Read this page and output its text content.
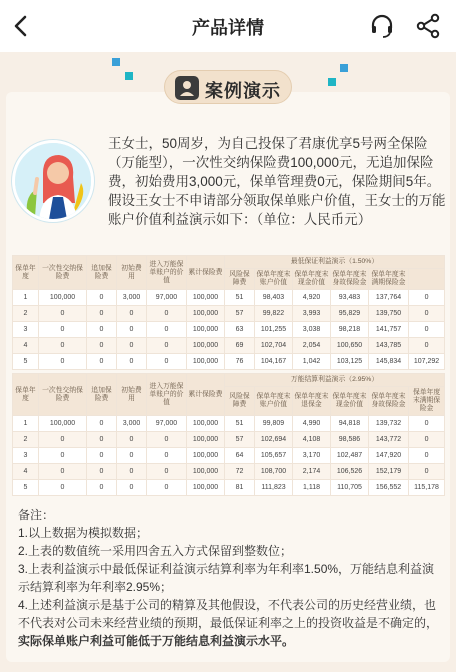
产品详情
案例演示

王女士，50周岁，为自己投保了君康优享5号两全保险（万能型），一次性交纳保险费100,000元，无追加保险费，初始费用3,000元，保单管理费0元，保险期间5年。假设王女士不申请部分领取保单账户价值，王女士的万能账户价值利益演示如下：（单位：人民币元）

保单年度	一次性交纳保险费	追加保险费	初始费用	进入万能保单账户的价值	累计保险费	最低保证利益演示（1.50%）					
						风险保障费	保单年度末账户价值	保单年度末现金价值	保单年度末身故保险金	保单年度末满期保险金	
1	100,000	0	3,000	97,000	100,000	51	98,403	4,920	93,483	137,764	0
2	0	0	0	0	100,000	57	99,822	3,993	95,829	139,750	0
3	0	0	0	0	100,000	63	101,255	3,038	98,218	141,757	0
4	0	0	0	0	100,000	69	102,704	2,054	100,650	143,785	0
5	0	0	0	0	100,000	76	104,167	1,042	103,125	145,834	107,292
保单年度	一次性交纳保险费	追加保险费	初始费用	进入万能保单账户的价值	累计保险费	万能结算利益演示（2.95%）					
						风险保障费	保单年度末账户价值	保单年度末退保金	保单年度末现金价值	保单年度末身故保险金	保单年度末满期保险金
1	100,000	0	3,000	97,000	100,000	51	99,809	4,990	94,818	139,732	0
2	0	0	0	0	100,000	57	102,694	4,108	98,586	143,772	0
3	0	0	0	0	100,000	64	105,657	3,170	102,487	147,920	0
4	0	0	0	0	100,000	72	108,700	2,174	106,526	152,179	0
5	0	0	0	0	100,000	81	111,823	1,118	110,705	156,552	115,178
备注：
1.以上数据为模拟数据；
2.上表的数值统一采用四舍五入方式保留到整数位；
3.上表利益演示中最低保证利益演示结算利率为年利率1.50%，万能结息利益演示结算利率为年利率2.95%；
4.上述利益演示是基于公司的精算及其他假设，不代表公司的历史经营业绩，也不代表对公司未来经营业绩的预期，最低保证利率之上的投资收益是不确定的，实际保单账户利益可能低于万能结息利益演示水平。
